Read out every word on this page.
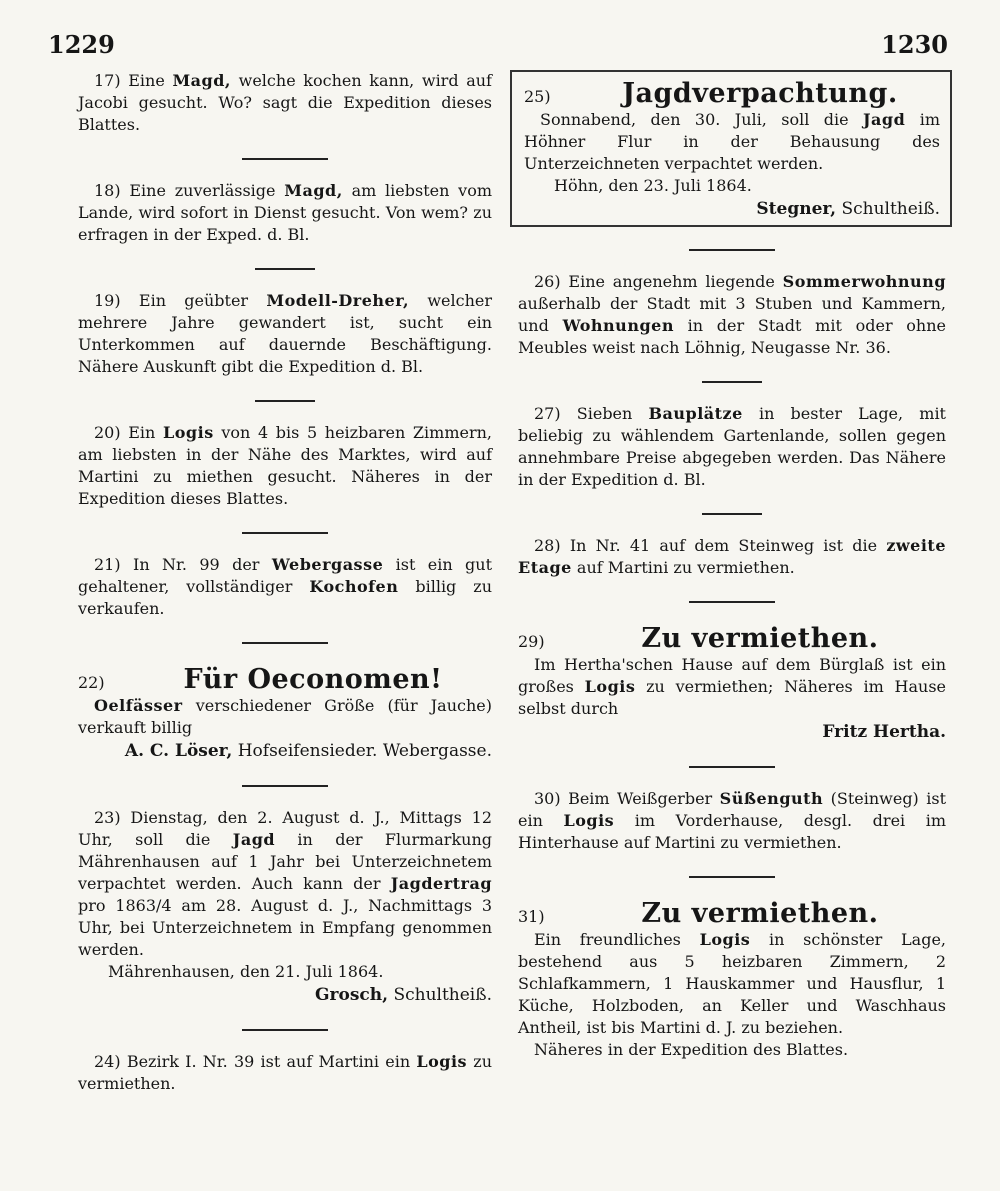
1229	1230
17) Eine Magd, welche kochen kann, wird auf Jacobi gesucht. Wo? sagt die Expedition dieses Blattes.
18) Eine zuverlässige Magd, am liebsten vom Lande, wird sofort in Dienst gesucht. Von wem? zu erfragen in der Exped. d. Bl.
19) Ein geübter Modell-Dreher, welcher mehrere Jahre gewandert ist, sucht ein Unterkommen auf dauernde Beschäftigung. Nähere Auskunft gibt die Expedition d. Bl.
20) Ein Logis von 4 bis 5 heizbaren Zimmern, am liebsten in der Nähe des Marktes, wird auf Martini zu miethen gesucht. Näheres in der Expedition dieses Blattes.
21) In Nr. 99 der Webergasse ist ein gut gehaltener, vollständiger Kochofen billig zu verkaufen.
22)	Für Oeconomen!
Oelfässer verschiedener Größe (für Jauche) verkauft billig
A. C. Löser, Hofseifensieder. Webergasse.
23) Dienstag, den 2. August d. J., Mittags 12 Uhr, soll die Jagd in der Flurmarkung Mährenhausen auf 1 Jahr bei Unterzeichnetem verpachtet werden. Auch kann der Jagdertrag pro 1863/4 am 28. August d. J., Nachmittags 3 Uhr, bei Unterzeichnetem in Empfang genommen werden.
Mährenhausen, den 21. Juli 1864.
Grosch, Schultheiß.
24) Bezirk I. Nr. 39 ist auf Martini ein Logis zu vermiethen.
25)	Jagdverpachtung.
Sonnabend, den 30. Juli, soll die Jagd im Höhner Flur in der Behausung des Unterzeichneten verpachtet werden.
Höhn, den 23. Juli 1864.
Stegner, Schultheiß.
26) Eine angenehm liegende Sommerwohnung außerhalb der Stadt mit 3 Stuben und Kammern, und Wohnungen in der Stadt mit oder ohne Meubles weist nach Löhnig, Neugasse Nr. 36.
27) Sieben Bauplätze in bester Lage, mit beliebig zu wählendem Gartenlande, sollen gegen annehmbare Preise abgegeben werden. Das Nähere in der Expedition d. Bl.
28) In Nr. 41 auf dem Steinweg ist die zweite Etage auf Martini zu vermiethen.
29)	Zu vermiethen.
Im Hertha'schen Hause auf dem Bürglaß ist ein großes Logis zu vermiethen; Näheres im Hause selbst durch
Fritz Hertha.
30) Beim Weißgerber Süßenguth (Steinweg) ist ein Logis im Vorderhause, desgl. drei im Hinterhause auf Martini zu vermiethen.
31)	Zu vermiethen.
Ein freundliches Logis in schönster Lage, bestehend aus 5 heizbaren Zimmern, 2 Schlafkammern, 1 Hauskammer und Hausflur, 1 Küche, Holzboden, an Keller und Waschhaus Antheil, ist bis Martini d. J. zu beziehen.
Näheres in der Expedition des Blattes.
